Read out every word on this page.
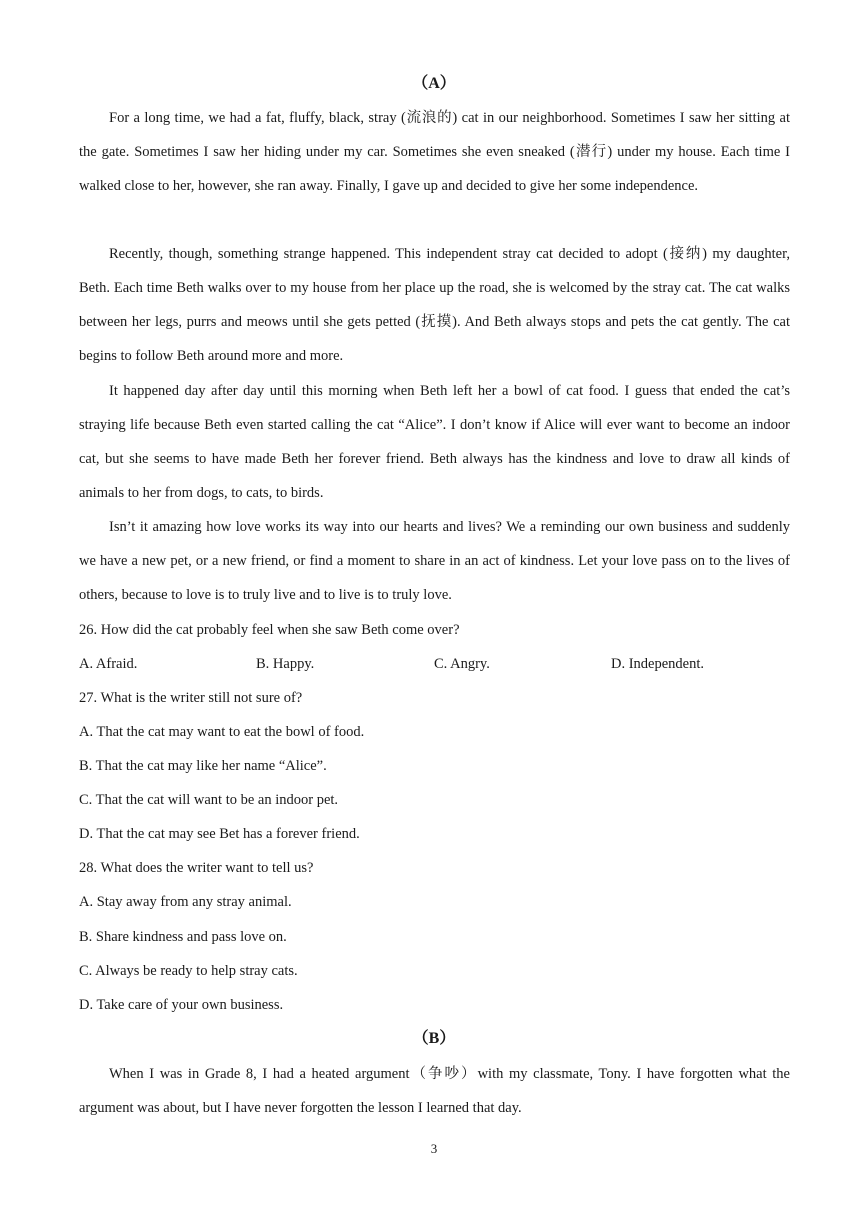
（A）

For a long time, we had a fat, fluffy, black, stray (流浪的) cat in our neighborhood. Sometimes I saw her sitting at the gate. Sometimes I saw her hiding under my car. Sometimes she even sneaked (潜行) under my house. Each time I walked close to her, however, she ran away. Finally, I gave up and decided to give her some independence.

Recently, though, something strange happened. This independent stray cat decided to adopt (接纳) my daughter, Beth. Each time Beth walks over to my house from her place up the road, she is welcomed by the stray cat. The cat walks between her legs, purrs and meows until she gets petted (抚摸). And Beth always stops and pets the cat gently. The cat begins to follow Beth around more and more.

It happened day after day until this morning when Beth left her a bowl of cat food. I guess that ended the cat’s straying life because Beth even started calling the cat “Alice”. I don’t know if Alice will ever want to become an indoor cat, but she seems to have made Beth her forever friend. Beth always has the kindness and love to draw all kinds of animals to her from dogs, to cats, to birds.

Isn’t it amazing how love works its way into our hearts and lives? We a reminding our own business and suddenly we have a new pet, or a new friend, or find a moment to share in an act of kindness. Let your love pass on to the lives of others, because to love is to truly live and to live is to truly love.

26. How did the cat probably feel when she saw Beth come over?
A. Afraid.	B. Happy.	C. Angry.	D. Independent.
27. What is the writer still not sure of?
A. That the cat may want to eat the bowl of food.
B. That the cat may like her name “Alice”.
C. That the cat will want to be an indoor pet.
D. That the cat may see Bet has a forever friend.
28. What does the writer want to tell us?
A. Stay away from any stray animal.
B. Share kindness and pass love on.
C. Always be ready to help stray cats.
D. Take care of your own business.
（B）

When I was in Grade 8, I had a heated argument（争吵）with my classmate, Tony. I have forgotten what the argument was about, but I have never forgotten the lesson I learned that day.

3
